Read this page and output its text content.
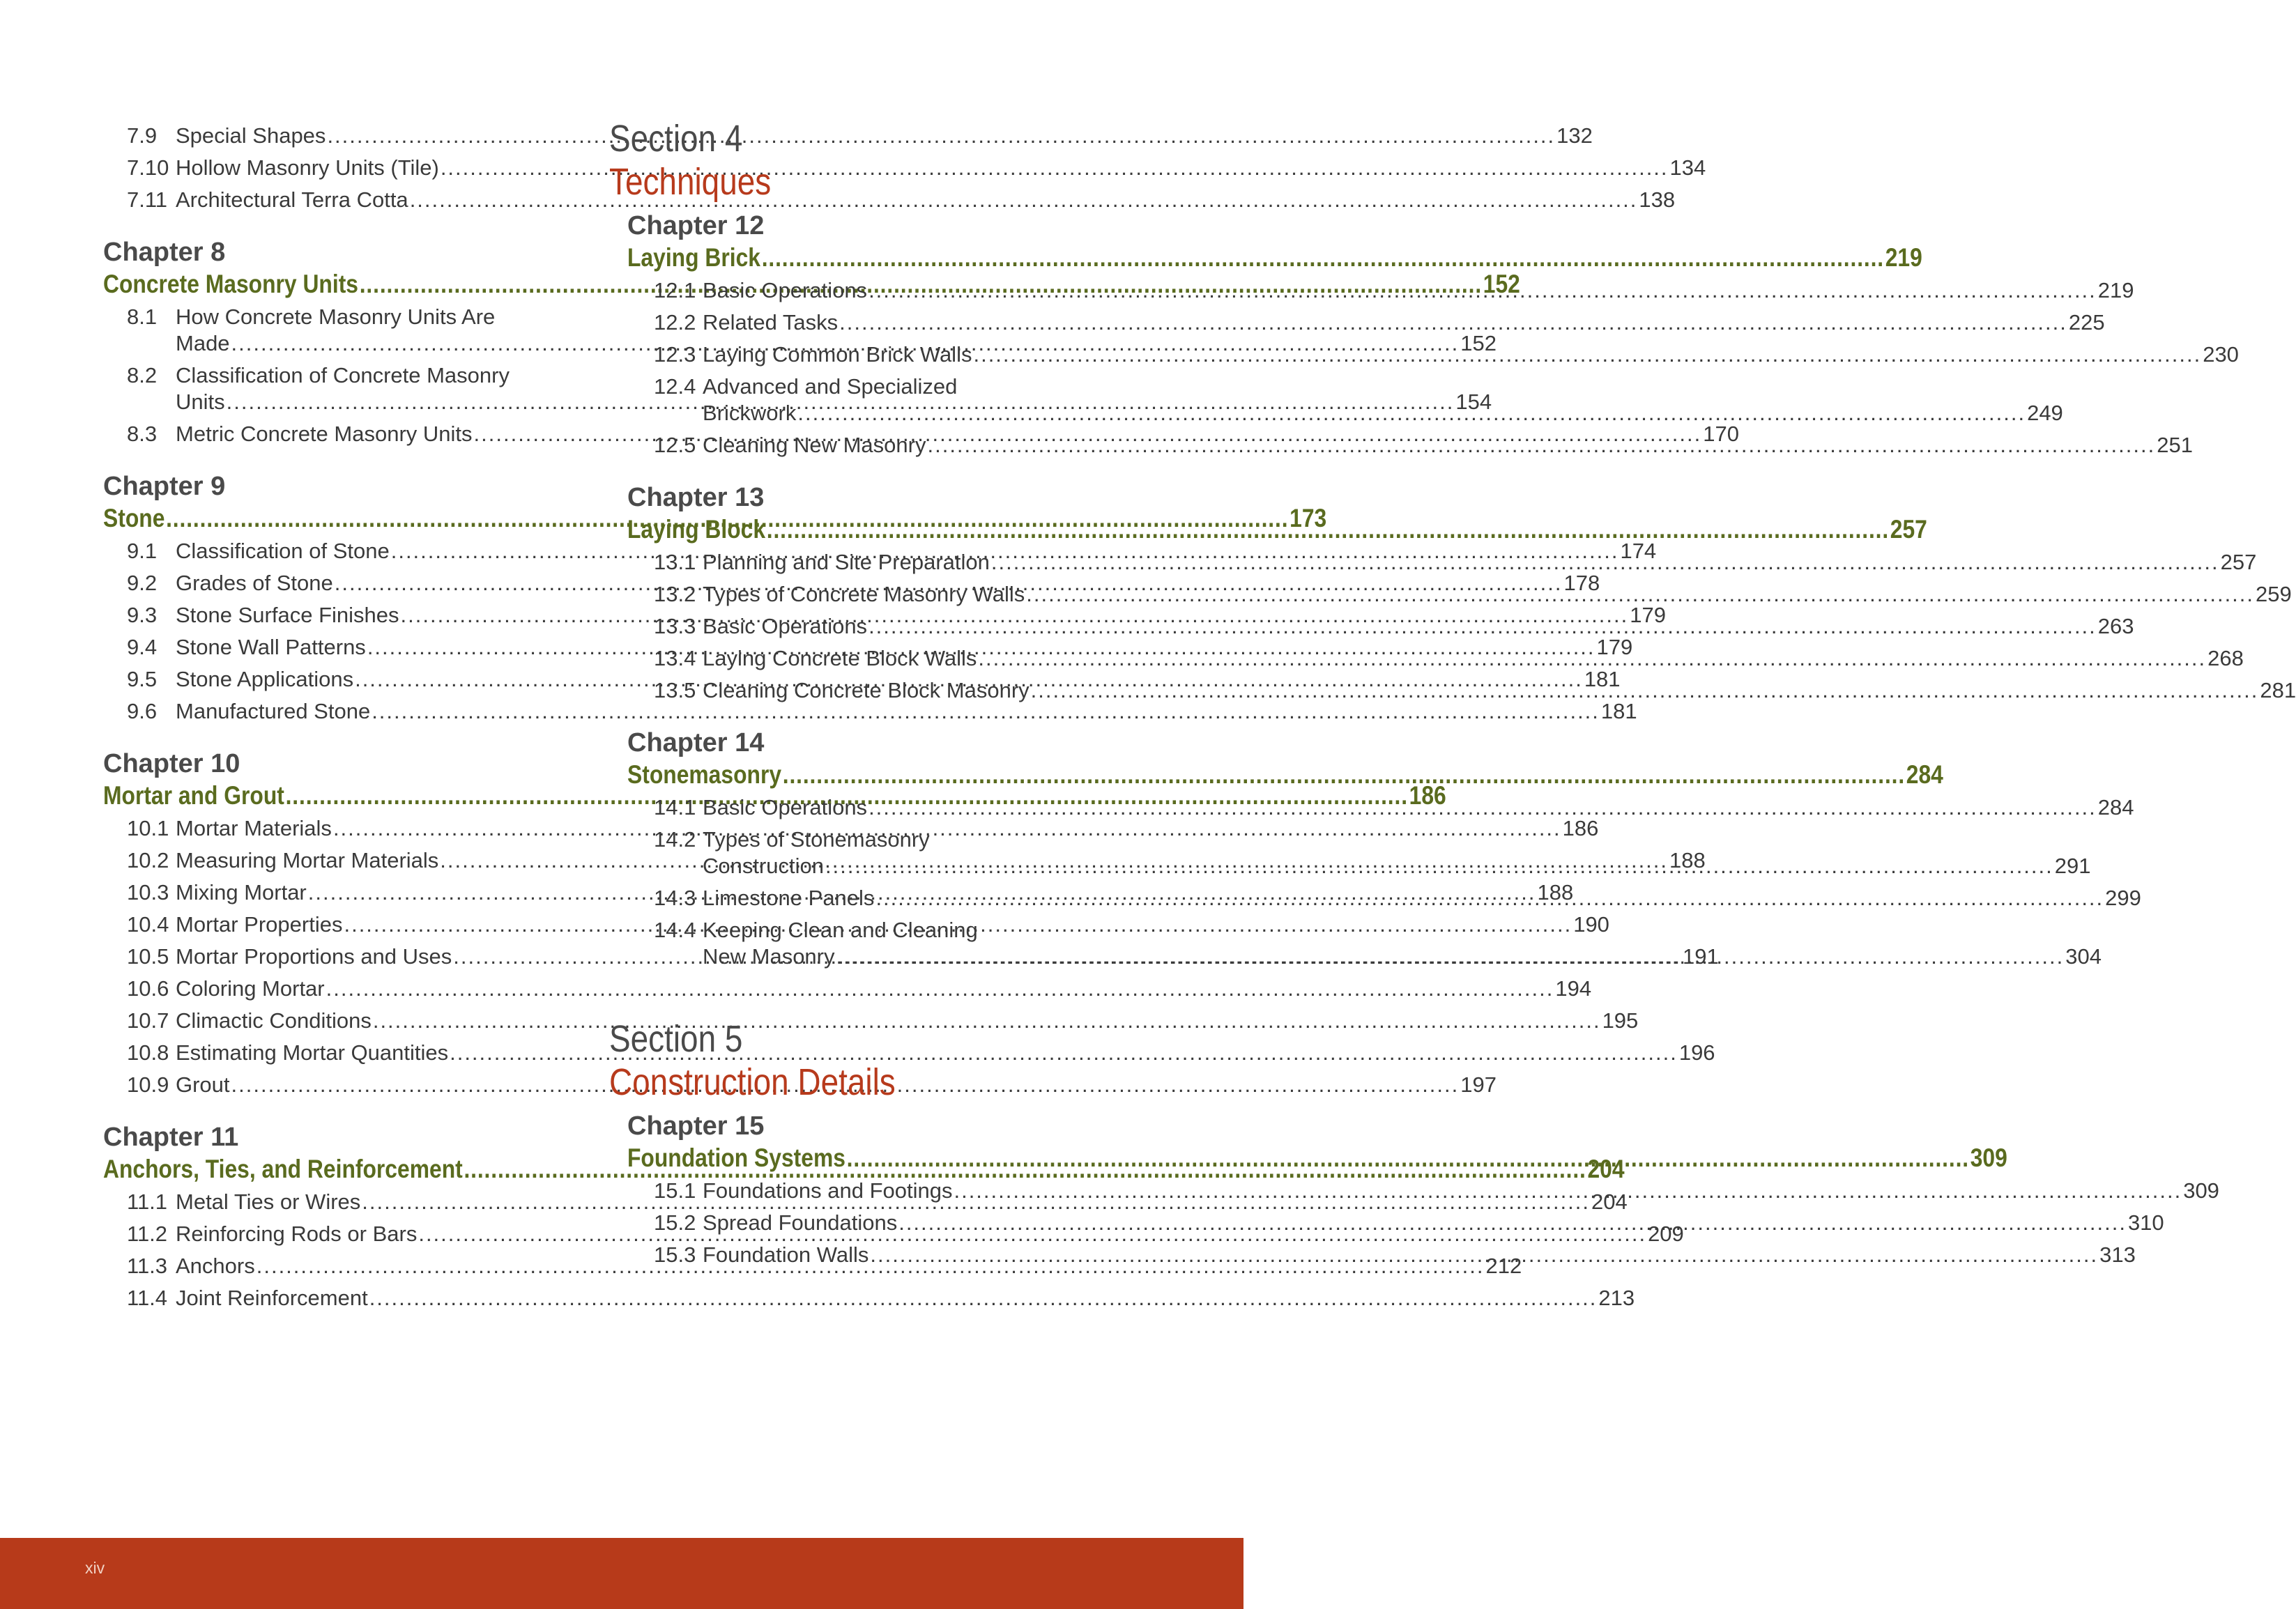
7.9 Special Shapes .....	132
7.10 Hollow Masonry Units (Tile) .....	134
7.11 Architectural Terra Cotta .....	138
Chapter 8
Concrete Masonry Units .....	152
8.1 How Concrete Masonry Units Are
Made .....	152
8.2 Classification of Concrete Masonry
Units .....	154
8.3 Metric Concrete Masonry Units .....	170
Chapter 9
Stone .....	173
9.1 Classification of Stone .....	174
9.2 Grades of Stone .....	178
9.3 Stone Surface Finishes .....	179
9.4 Stone Wall Patterns .....	179
9.5 Stone Applications .....	181
9.6 Manufactured Stone .....	181
Chapter 10
Mortar and Grout .....	186
10.1 Mortar Materials .....	186
10.2 Measuring Mortar Materials .....	188
10.3 Mixing Mortar .....	188
10.4 Mortar Properties .....	190
10.5 Mortar Proportions and Uses .....	191
10.6 Coloring Mortar .....	194
10.7 Climactic Conditions .....	195
10.8 Estimating Mortar Quantities .....	196
10.9 Grout .....	197
Chapter 11
Anchors, Ties, and Reinforcement .....	204
11.1 Metal Ties or Wires .....	204
11.2 Reinforcing Rods or Bars .....	209
11.3 Anchors .....	212
11.4 Joint Reinforcement .....	213
Section 4
Techniques
Chapter 12
Laying Brick .....	219
12.1 Basic Operations .....	219
12.2 Related Tasks .....	225
12.3 Laying Common Brick Walls .....	230
12.4 Advanced and Specialized
Brickwork .....	249
12.5 Cleaning New Masonry .....	251
Chapter 13
Laying Block .....	257
13.1 Planning and Site Preparation .....	257
13.2 Types of Concrete Masonry Walls .....	259
13.3 Basic Operations .....	263
13.4 Laying Concrete Block Walls .....	268
13.5 Cleaning Concrete Block Masonry .....	281
Chapter 14
Stonemasonry .....	284
14.1 Basic Operations .....	284
14.2 Types of Stonemasonry
Construction .....	291
14.3 Limestone Panels .....	299
14.4 Keeping Clean and Cleaning
New Masonry .....	304
Section 5
Construction Details
Chapter 15
Foundation Systems .....	309
15.1 Foundations and Footings .....	309
15.2 Spread Foundations .....	310
15.3 Foundation Walls .....	313
xiv
